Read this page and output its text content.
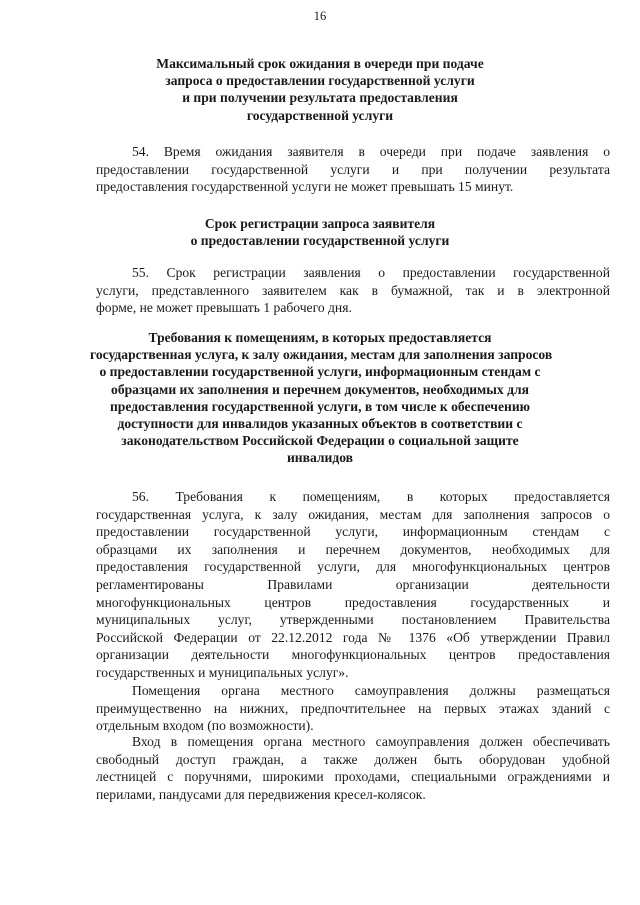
16
Максимальный срок ожидания в очереди при подаче
запроса о предоставлении государственной услуги
и при получении результата предоставления
государственной услуги
54. Время ожидания заявителя в очереди при подаче заявления о
предоставлении государственной услуги и при получении результата
предоставления государственной услуги не может превышать 15 минут.
Срок регистрации запроса заявителя
о предоставлении государственной услуги
55. Срок регистрации заявления о предоставлении государственной
услуги, представленного заявителем как в бумажной, так и в электронной
форме, не может превышать 1 рабочего дня.
Требования к помещениям, в которых предоставляется
государственная услуга, к залу ожидания, местам для заполнения запросов
о предоставлении государственной услуги, информационным стендам с
образцами их заполнения и перечнем документов, необходимых для
предоставления государственной услуги, в том числе к обеспечению
доступности для инвалидов указанных объектов в соответствии с
законодательством Российской Федерации о социальной защите
инвалидов
56. Требования к помещениям, в которых предоставляется
государственная услуга, к залу ожидания, местам для заполнения запросов о
предоставлении государственной услуги, информационным стендам с
образцами их заполнения и перечнем документов, необходимых для
предоставления государственной услуги, для многофункциональных центров
регламентированы Правилами организации деятельности
многофункциональных центров предоставления государственных и
муниципальных услуг, утвержденными постановлением Правительства
Российской Федерации от 22.12.2012 года № 1376 «Об утверждении Правил
организации деятельности многофункциональных центров предоставления
государственных и муниципальных услуг».
Помещения органа местного самоуправления должны размещаться
преимущественно на нижних, предпочтительнее на первых этажах зданий с
отдельным входом (по возможности).
Вход в помещения органа местного самоуправления должен обеспечивать
свободный доступ граждан, а также должен быть оборудован удобной
лестницей с поручнями, широкими проходами, специальными ограждениями и
перилами, пандусами для передвижения кресел-колясок.
